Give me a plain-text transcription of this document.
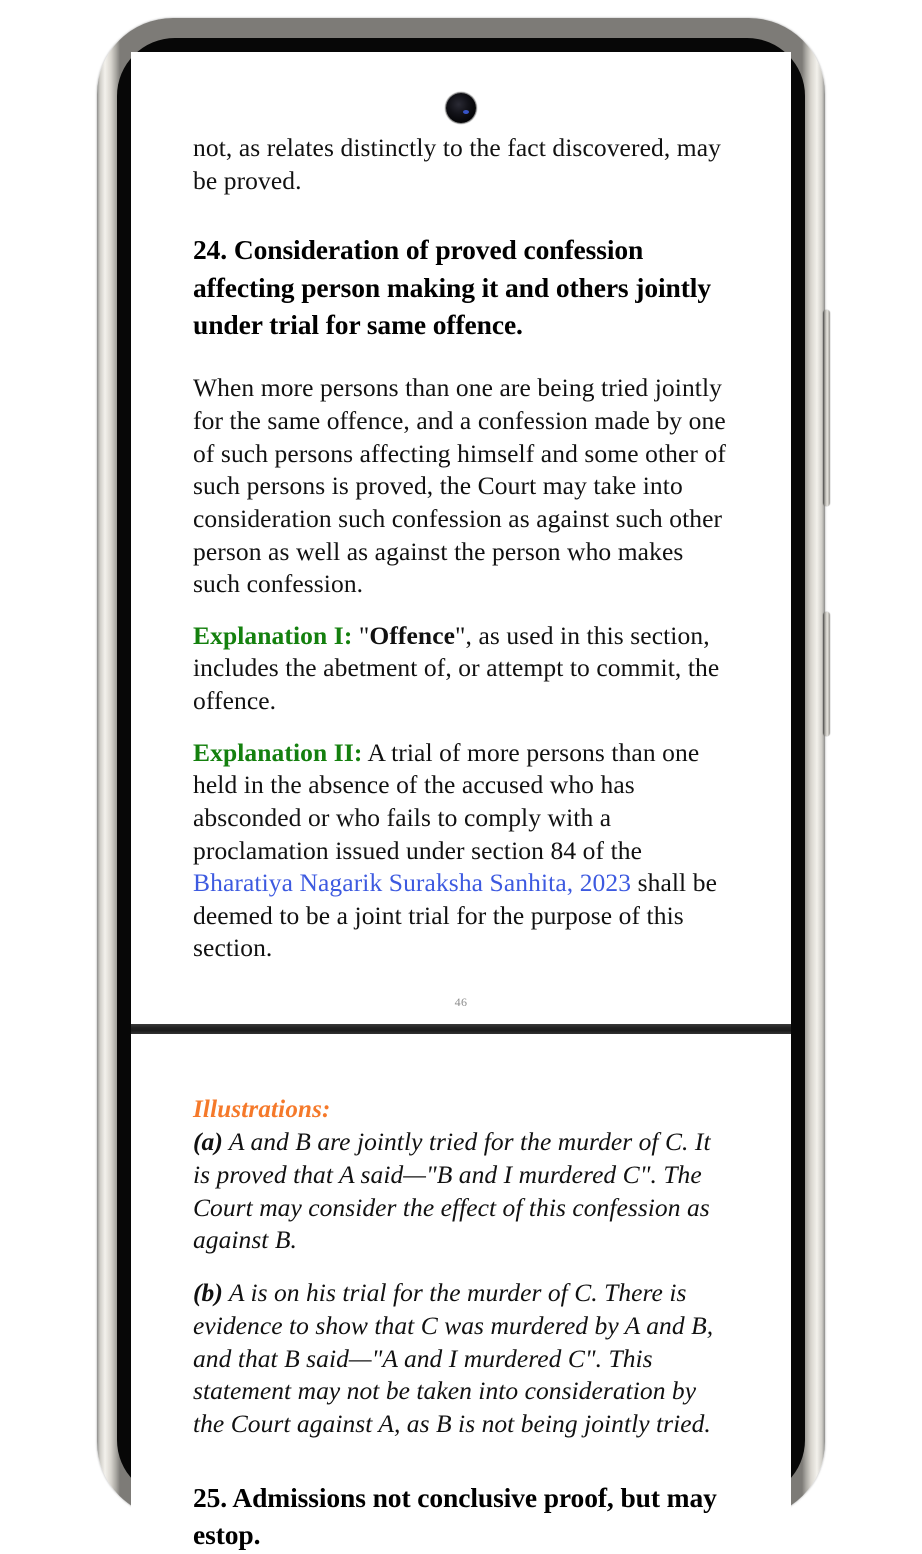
not, as relates distinctly to the fact discovered, may be proved.

24. Consideration of proved confession affecting person making it and others jointly under trial for same offence.

When more persons than one are being tried jointly for the same offence, and a confession made by one of such persons affecting himself and some other of such persons is proved, the Court may take into consideration such confession as against such other person as well as against the person who makes such confession.

Explanation I: "Offence", as used in this section, includes the abetment of, or attempt to commit, the offence.

Explanation II: A trial of more persons than one held in the absence of the accused who has absconded or who fails to comply with a proclamation issued under section 84 of the Bharatiya Nagarik Suraksha Sanhita, 2023 shall be deemed to be a joint trial for the purpose of this section.

46
Illustrations:

(a) A and B are jointly tried for the murder of C. It is proved that A said—"B and I murdered C". The Court may consider the effect of this confession as against B.

(b) A is on his trial for the murder of C. There is evidence to show that C was murdered by A and B, and that B said—"A and I murdered C". This statement may not be taken into consideration by the Court against A, as B is not being jointly tried.

25. Admissions not conclusive proof, but may estop.
